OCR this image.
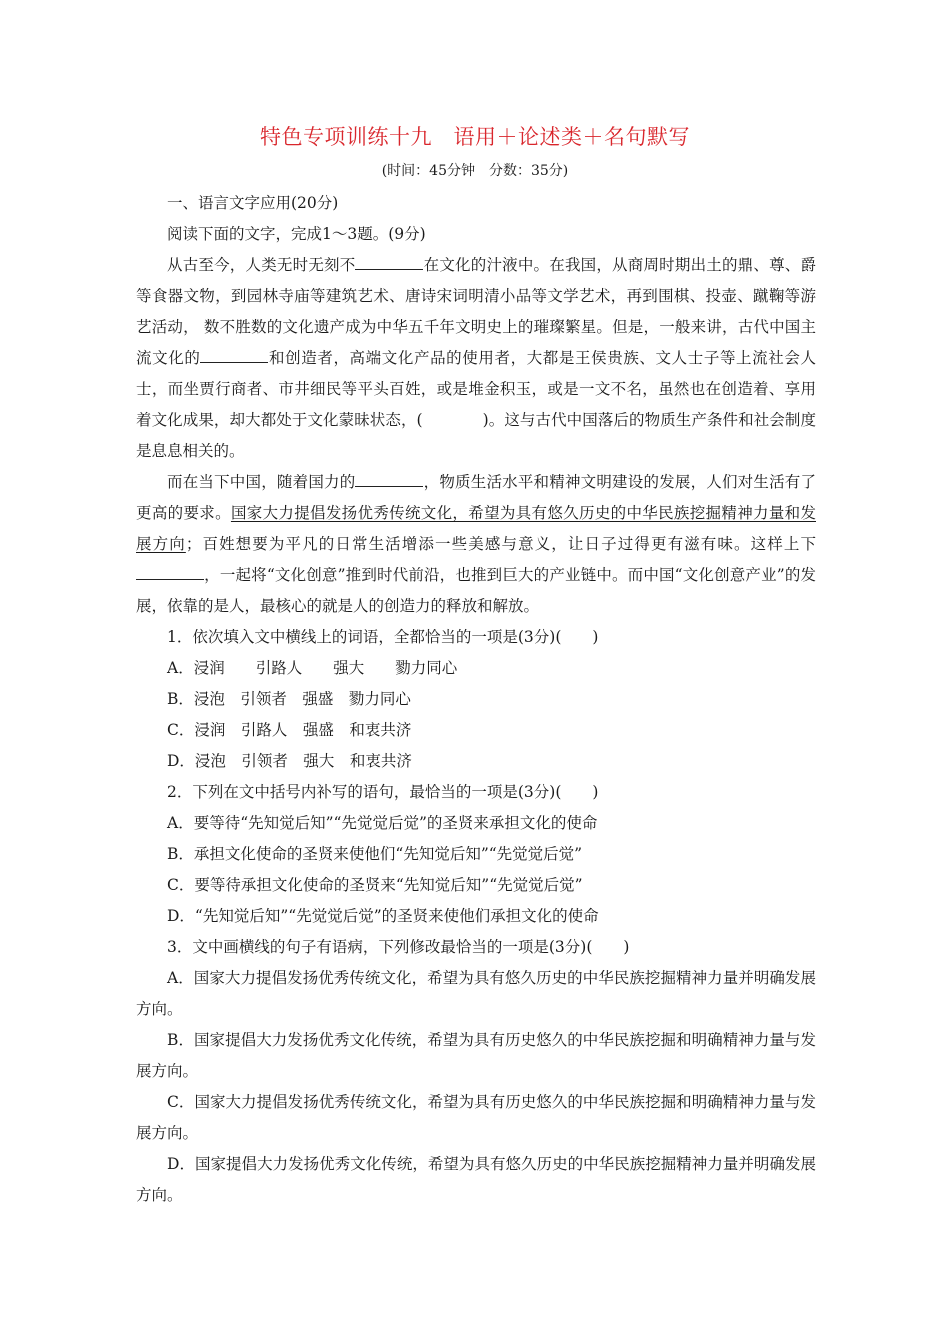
特色专项训练十九　语用＋论述类＋名句默写
(时间：45分钟　分数：35分)

一、语言文字应用(20分)

阅读下面的文字，完成1～3题。(9分)

从古至今，人类无时无刻不	在文化的汁液中。在我国，从商周时期出土的鼎、尊、爵等食器文物，到园林寺庙等建筑艺术、唐诗宋词明清小品等文学艺术，再到围棋、投壶、蹴鞠等游艺活动， 数不胜数的文化遗产成为中华五千年文明史上的璀璨繁星。但是，一般来讲，古代中国主流文化的	和创造者，高端文化产品的使用者，大都是王侯贵族、文人士子等上流社会人士，而坐贾行商者、市井细民等平头百姓，或是堆金积玉，或是一文不名，虽然也在创造着、享用着文化成果，却大都处于文化蒙昧状态，(	)。这与古代中国落后的物质生产条件和社会制度是息息相关的。

而在当下中国，随着国力的	，物质生活水平和精神文明建设的发展，人们对生活有了更高的要求。国家大力提倡发扬优秀传统文化，希望为具有悠久历史的中华民族挖掘精神力量和发展方向；百姓想要为平凡的日常生活增添一些美感与意义，让日子过得更有滋有味。这样上下，一起将“文化创意”推到时代前沿，也推到巨大的产业链中。而中国“文化创意产业”的发展，依靠的是人，最核心的就是人的创造力的释放和解放。

1．依次填入文中横线上的词语，全都恰当的一项是(3分)(　　)

A．浸润　　引路人　　强大　　勠力同心

B．浸泡　引领者　强盛　勠力同心

C．浸润　引路人　强盛　和衷共济

D．浸泡　引领者　强大　和衷共济

2．下列在文中括号内补写的语句，最恰当的一项是(3分)(　　)

A．要等待“先知觉后知”“先觉觉后觉”的圣贤来承担文化的使命

B．承担文化使命的圣贤来使他们“先知觉后知”“先觉觉后觉”

C．要等待承担文化使命的圣贤来“先知觉后知”“先觉觉后觉”

D．“先知觉后知”“先觉觉后觉”的圣贤来使他们承担文化的使命

3．文中画横线的句子有语病，下列修改最恰当的一项是(3分)(　　)

A．国家大力提倡发扬优秀传统文化，希望为具有悠久历史的中华民族挖掘精神力量并明确发展方向。

B．国家提倡大力发扬优秀文化传统，希望为具有历史悠久的中华民族挖掘和明确精神力量与发展方向。

C．国家大力提倡发扬优秀传统文化，希望为具有历史悠久的中华民族挖掘和明确精神力量与发展方向。

D．国家提倡大力发扬优秀文化传统，希望为具有悠久历史的中华民族挖掘精神力量并明确发展方向。
